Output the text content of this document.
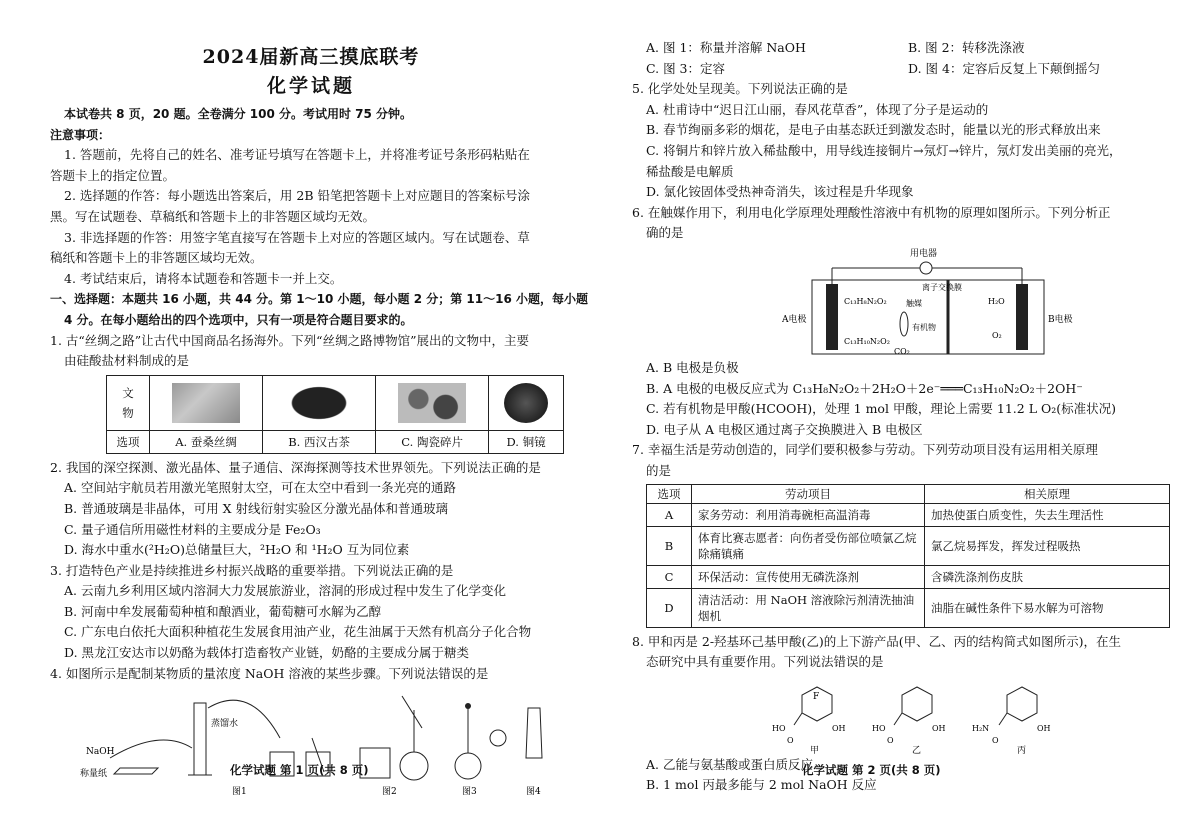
2024届新高三摸底联考
化学试题

本试卷共 8 页，20 题。全卷满分 100 分。考试用时 75 分钟。

注意事项：

1. 答题前，先将自己的姓名、准考证号填写在答题卡上，并将准考证号条形码粘贴在

答题卡上的指定位置。

2. 选择题的作答：每小题选出答案后，用 2B 铅笔把答题卡上对应题目的答案标号涂

黑。写在试题卷、草稿纸和答题卡上的非答题区域均无效。

3. 非选择题的作答：用签字笔直接写在答题卡上对应的答题区域内。写在试题卷、草

稿纸和答题卡上的非答题区域均无效。

4. 考试结束后，请将本试题卷和答题卡一并上交。

一、选择题：本题共 16 小题，共 44 分。第 1～10 小题，每小题 2 分；第 11～16 小题，每小题

4 分。在每小题给出的四个选项中，只有一项是符合题目要求的。

1. 古“丝绸之路”让古代中国商品名扬海外。下列“丝绸之路博物馆”展出的文物中，主要

由硅酸盐材料制成的是

文
物				

选项	A. 蚕桑丝绸	B. 西汉古茶	C. 陶瓷碎片	D. 铜镜

2. 我国的深空探测、激光晶体、量子通信、深海探测等技术世界领先。下列说法正确的是

A. 空间站宇航员若用激光笔照射太空，可在太空中看到一条光亮的通路

B. 普通玻璃是非晶体，可用 X 射线衍射实验区分激光晶体和普通玻璃

C. 量子通信所用磁性材料的主要成分是 Fe₂O₃

D. 海水中重水(²H₂O)总储量巨大，²H₂O 和 ¹H₂O 互为同位素

3. 打造特色产业是持续推进乡村振兴战略的重要举措。下列说法正确的是

A. 云南九乡利用区域内溶洞大力发展旅游业，溶洞的形成过程中发生了化学变化

B. 河南中牟发展葡萄种植和酿酒业，葡萄糖可水解为乙醇

C. 广东电白依托大面积种植花生发展食用油产业，花生油属于天然有机高分子化合物

D. 黑龙江安达市以奶酪为载体打造畜牧产业链，奶酪的主要成分属于糖类

4. 如图所示是配制某物质的量浓度 NaOH 溶液的某些步骤。下列说法错误的是

NaOH
称量纸
蒸馏水
图1	图2	图3	图4
化学试题 第 1 页(共 8 页)
A. 图 1：称量并溶解 NaOH	B. 图 2：转移洗涤液
C. 图 3：定容	D. 图 4：定容后反复上下颠倒摇匀

5. 化学处处呈现美。下列说法正确的是

A. 杜甫诗中“迟日江山丽，春风花草香”，体现了分子是运动的

B. 春节绚丽多彩的烟花，是电子由基态跃迁到激发态时，能量以光的形式释放出来

C. 将铜片和锌片放入稀盐酸中，用导线连接铜片→氖灯→锌片，氖灯发出美丽的亮光，

稀盐酸是电解质

D. 氯化铵固体受热神奇消失，该过程是升华现象

6. 在触媒作用下，利用电化学原理处理酸性溶液中有机物的原理如图所示。下列分析正

确的是

用电器
A电极	B电极
离子交换膜
C₁₃H₈N₂O₂
C₁₃H₁₀N₂O₂
触媒
有机物
CO₂
H₂O
O₂

A. B 电极是负极

B. A 电极的电极反应式为 C₁₃H₈N₂O₂＋2H₂O＋2e⁻═══C₁₃H₁₀N₂O₂＋2OH⁻

C. 若有机物是甲酸(HCOOH)，处理 1 mol 甲酸，理论上需要 11.2 L O₂(标准状况)

D. 电子从 A 电极区通过离子交换膜进入 B 电极区

7. 幸福生活是劳动创造的，同学们要积极参与劳动。下列劳动项目没有运用相关原理

的是

选项	劳动项目	相关原理
A	家务劳动：利用消毒碗柜高温消毒	加热使蛋白质变性，失去生理活性
B	体育比赛志愿者：向伤者受伤部位喷氯乙烷除痛镇痛	氯乙烷易挥发，挥发过程吸热
C	环保活动：宣传使用无磷洗涤剂	含磷洗涤剂伤皮肤
D	清洁活动：用 NaOH 溶液除污剂清洗抽油烟机	油脂在碱性条件下易水解为可溶物

8. 甲和丙是 2-羟基环己基甲酸(乙)的上下游产品(甲、乙、丙的结构简式如图所示)，在生

态研究中具有重要作用。下列说法错误的是

F
HO
O
OH
甲
HO
O
OH
乙
H₂N
O
OH
丙

A. 乙能与氨基酸或蛋白质反应

B. 1 mol 丙最多能与 2 mol NaOH 反应

化学试题 第 2 页(共 8 页)
